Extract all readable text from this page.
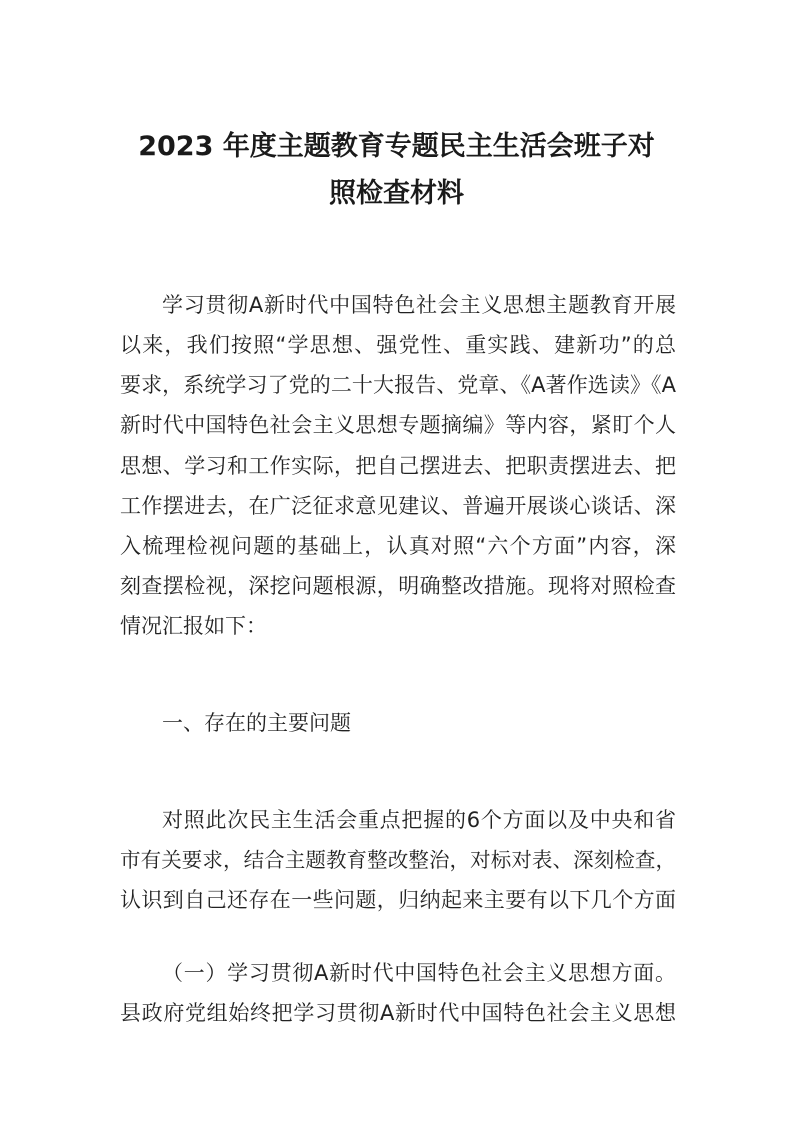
2023 年度主题教育专题民主生活会班子对
照检查材料
学习贯彻A新时代中国特色社会主义思想主题教育开展
以来，我们按照“学思想、强党性、重实践、建新功”的总
要求，系统学习了党的二十大报告、党章、《A著作选读》《A
新时代中国特色社会主义思想专题摘编》等内容，紧盯个人
思想、学习和工作实际，把自己摆进去、把职责摆进去、把
工作摆进去，在广泛征求意见建议、普遍开展谈心谈话、深
入梳理检视问题的基础上，认真对照“六个方面”内容，深
刻查摆检视，深挖问题根源，明确整改措施。现将对照检查
情况汇报如下：
一、存在的主要问题
对照此次民主生活会重点把握的6个方面以及中央和省
市有关要求，结合主题教育整改整治，对标对表、深刻检查，
认识到自己还存在一些问题，归纳起来主要有以下几个方面
（一）学习贯彻A新时代中国特色社会主义思想方面。
县政府党组始终把学习贯彻A新时代中国特色社会主义思想
